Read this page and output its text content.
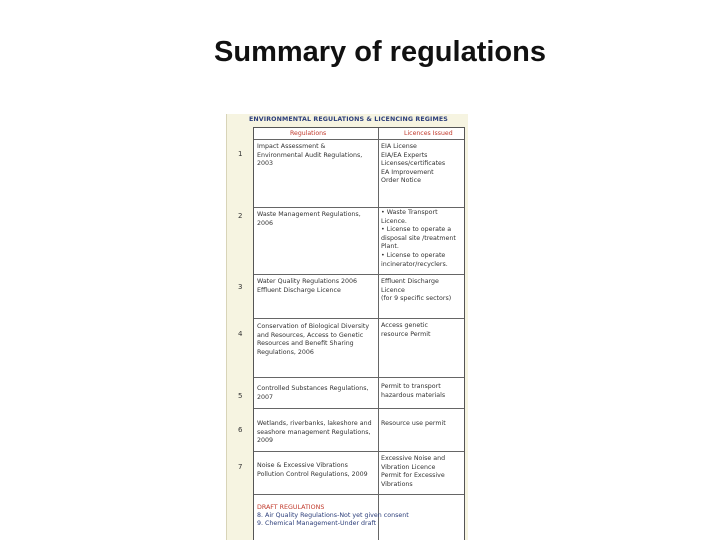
Summary of regulations
ENVIRONMENTAL REGULATIONS & LICENCING REGIMES
Regulations	Licences Issued
1
Impact Assessment &
Environmental Audit Regulations,
2003
EIA License
EIA/EA Experts
Licenses/certificates
EA Improvement
Order Notice
2 Waste Management Regulations,
2006
• Waste Transport
Licence.
• License to operate a
disposal site /treatment
Plant.
• License to operate
incinerator/recyclers.
3
Water Quality Regulations 2006
Effluent Discharge Licence
Effluent Discharge
Licence
(for 9 specific sectors)
4
Conservation of Biological Diversity
and Resources, Access to Genetic
Resources and Benefit Sharing
Regulations, 2006
Access genetic
resource Permit
5
Controlled Substances Regulations,
2007
Permit to transport
hazardous materials
6
Wetlands, riverbanks, lakeshore and
seashore management Regulations,
2009
Resource use permit
7 Noise & Excessive Vibrations
Pollution Control Regulations, 2009
Excessive Noise and
Vibration Licence
Permit for Excessive
Vibrations
DRAFT REGULATIONS
8. Air Quality Regulations-Not yet given consent
9. Chemical Management-Under draft
